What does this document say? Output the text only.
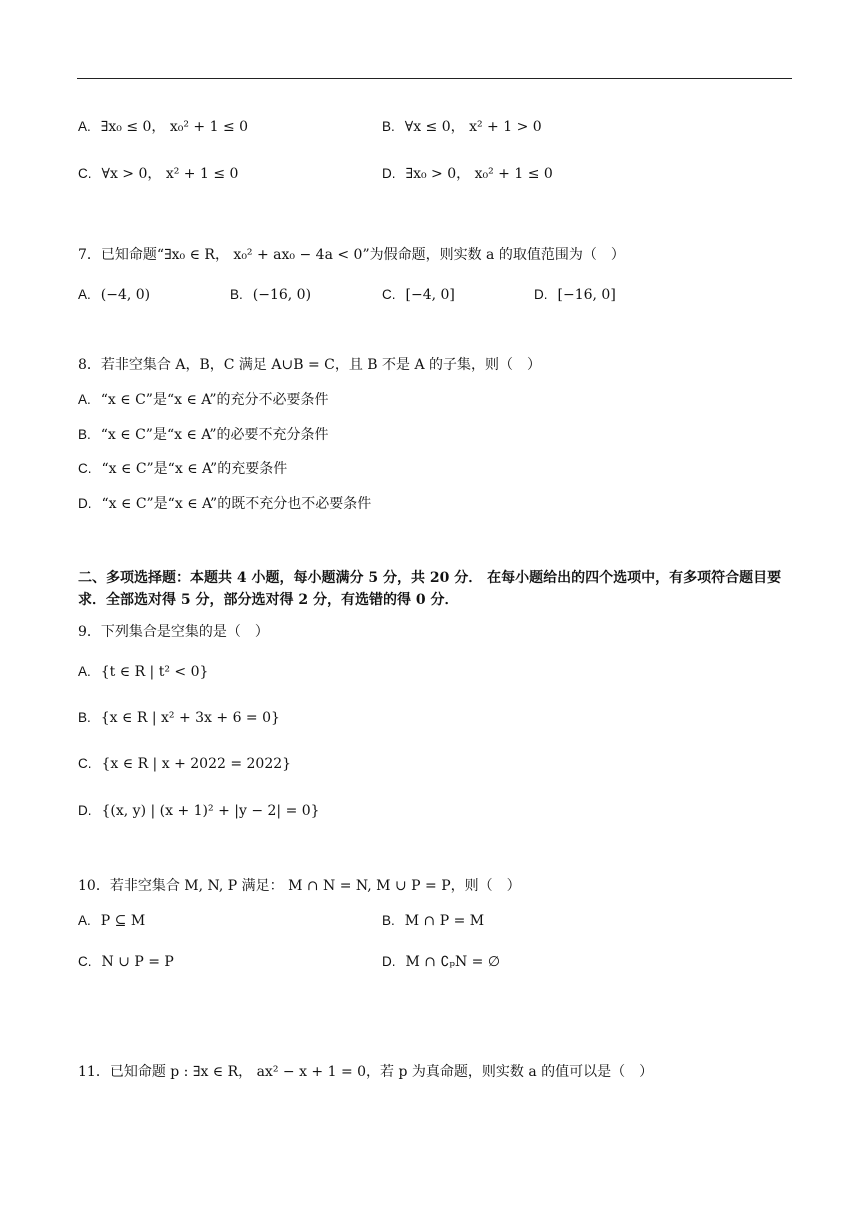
A. ∃x₀ ≤ 0， x₀² + 1 ≤ 0	B. ∀x ≤ 0， x² + 1 > 0
C. ∀x > 0， x² + 1 ≤ 0	D. ∃x₀ > 0， x₀² + 1 ≤ 0
7．已知命题“∃x₀ ∈ R， x₀² + ax₀ − 4a < 0”为假命题，则实数 a 的取值范围为（　）
A. (−4, 0)	B. (−16, 0)	C. [−4, 0]	D. [−16, 0]
8．若非空集合 A，B，C 满足 A∪B = C，且 B 不是 A 的子集，则（　）
A. “x ∈ C”是“x ∈ A”的充分不必要条件
B. “x ∈ C”是“x ∈ A”的必要不充分条件
C. “x ∈ C”是“x ∈ A”的充要条件
D. “x ∈ C”是“x ∈ A”的既不充分也不必要条件
二、多项选择题：本题共 4 小题，每小题满分 5 分，共 20 分． 在每小题给出的四个选项中，有多项符合题目要求．全部选对得 5 分，部分选对得 2 分，有选错的得 0 分．
9．下列集合是空集的是（　）
A. {t ∈ R | t² < 0}
B. {x ∈ R | x² + 3x + 6 = 0}
C. {x ∈ R | x + 2022 = 2022}
D. {(x, y) | (x + 1)² + |y − 2| = 0}
10．若非空集合 M, N, P 满足： M ∩ N = N, M ∪ P = P，则（　）
A. P ⊆ M	B. M ∩ P = M
C. N ∪ P = P	D. M ∩ ∁ₚN = ∅
11．已知命题 p : ∃x ∈ R， ax² − x + 1 = 0，若 p 为真命题，则实数 a 的值可以是（　）
